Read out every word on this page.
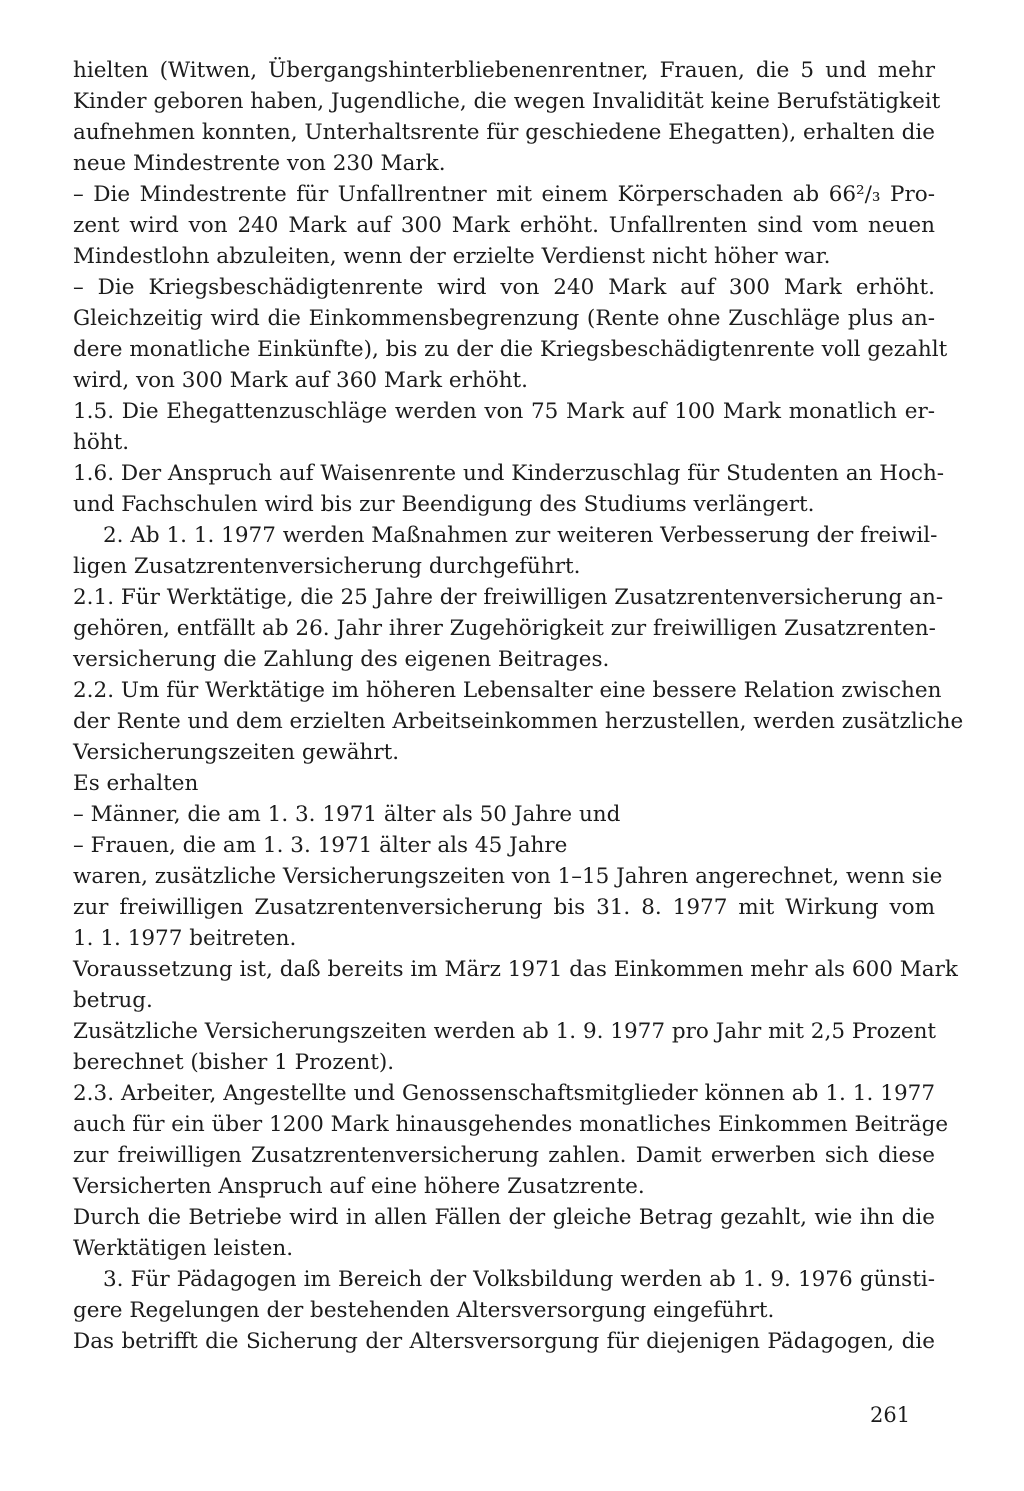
hielten (Witwen, Übergangshinterbliebenenrentner, Frauen, die 5 und mehr
Kinder geboren haben, Jugendliche, die wegen Invalidität keine Berufstätigkeit
aufnehmen konnten, Unterhaltsrente für geschiedene Ehegatten), erhalten die
neue Mindestrente von 230 Mark.
– Die Mindestrente für Unfallrentner mit einem Körperschaden ab 66²/₃ Pro-
zent wird von 240 Mark auf 300 Mark erhöht. Unfallrenten sind vom neuen
Mindestlohn abzuleiten, wenn der erzielte Verdienst nicht höher war.
– Die Kriegsbeschädigtenrente wird von 240 Mark auf 300 Mark erhöht.
Gleichzeitig wird die Einkommensbegrenzung (Rente ohne Zuschläge plus an-
dere monatliche Einkünfte), bis zu der die Kriegsbeschädigtenrente voll gezahlt
wird, von 300 Mark auf 360 Mark erhöht.
1.5. Die Ehegattenzuschläge werden von 75 Mark auf 100 Mark monatlich er-
höht.
1.6. Der Anspruch auf Waisenrente und Kinderzuschlag für Studenten an Hoch-
und Fachschulen wird bis zur Beendigung des Studiums verlängert.
2. Ab 1. 1. 1977 werden Maßnahmen zur weiteren Verbesserung der freiwil-
ligen Zusatzrentenversicherung durchgeführt.
2.1. Für Werktätige, die 25 Jahre der freiwilligen Zusatzrentenversicherung an-
gehören, entfällt ab 26. Jahr ihrer Zugehörigkeit zur freiwilligen Zusatzrenten-
versicherung die Zahlung des eigenen Beitrages.
2.2. Um für Werktätige im höheren Lebensalter eine bessere Relation zwischen
der Rente und dem erzielten Arbeitseinkommen herzustellen, werden zusätzliche
Versicherungszeiten gewährt.
Es erhalten
– Männer, die am 1. 3. 1971 älter als 50 Jahre und
– Frauen, die am 1. 3. 1971 älter als 45 Jahre
waren, zusätzliche Versicherungszeiten von 1–15 Jahren angerechnet, wenn sie
zur freiwilligen Zusatzrentenversicherung bis 31. 8. 1977 mit Wirkung vom
1. 1. 1977 beitreten.
Voraussetzung ist, daß bereits im März 1971 das Einkommen mehr als 600 Mark
betrug.
Zusätzliche Versicherungszeiten werden ab 1. 9. 1977 pro Jahr mit 2,5 Prozent
berechnet (bisher 1 Prozent).
2.3. Arbeiter, Angestellte und Genossenschaftsmitglieder können ab 1. 1. 1977
auch für ein über 1200 Mark hinausgehendes monatliches Einkommen Beiträge
zur freiwilligen Zusatzrentenversicherung zahlen. Damit erwerben sich diese
Versicherten Anspruch auf eine höhere Zusatzrente.
Durch die Betriebe wird in allen Fällen der gleiche Betrag gezahlt, wie ihn die
Werktätigen leisten.
3. Für Pädagogen im Bereich der Volksbildung werden ab 1. 9. 1976 günsti-
gere Regelungen der bestehenden Altersversorgung eingeführt.
Das betrifft die Sicherung der Altersversorgung für diejenigen Pädagogen, die
261
